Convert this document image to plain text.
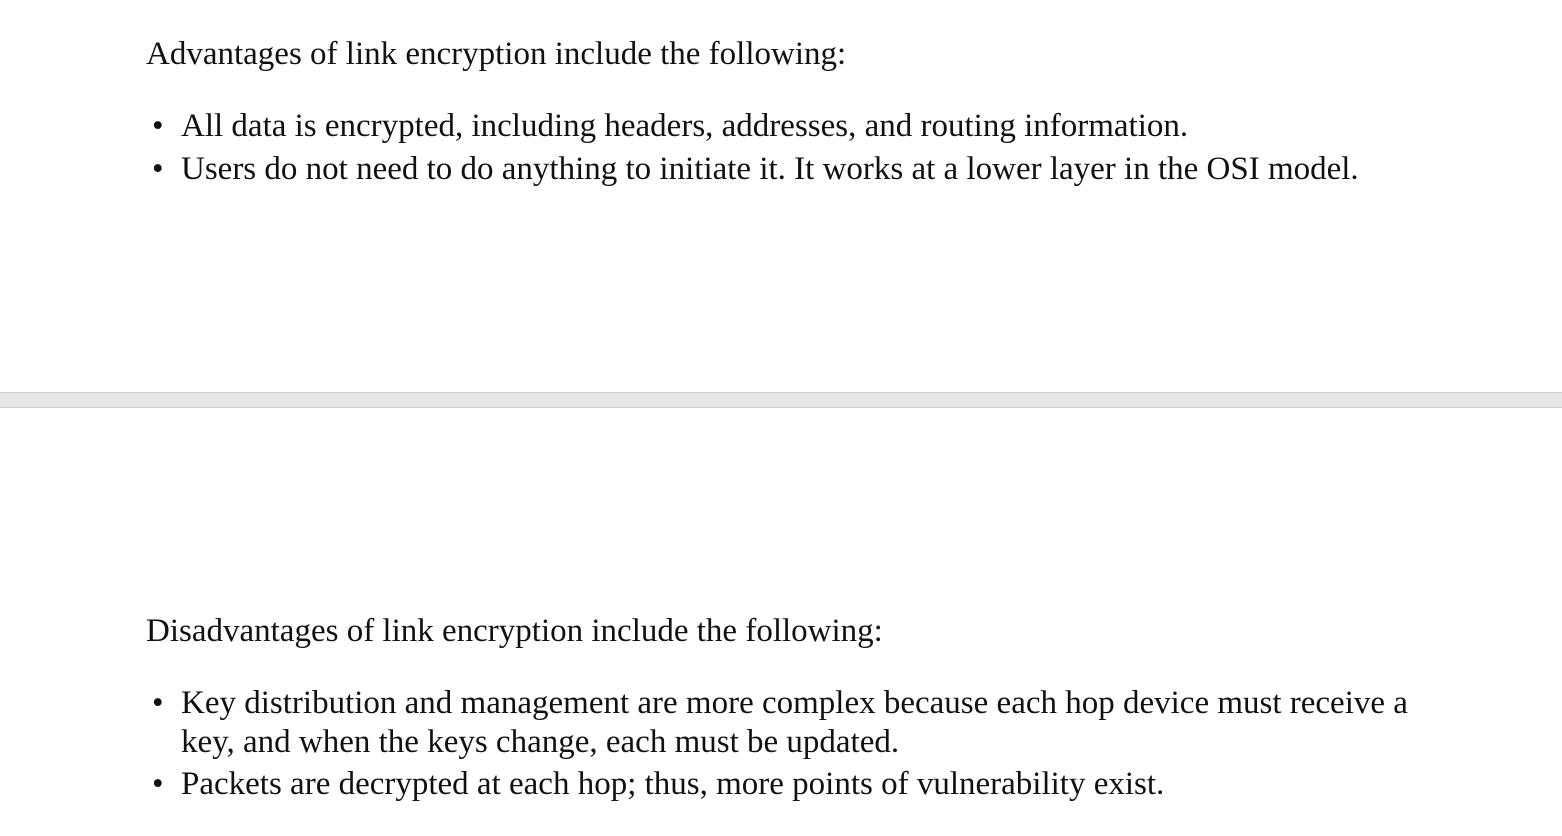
Advantages of link encryption include the following:

• All data is encrypted, including headers, addresses, and routing information.
• Users do not need to do anything to initiate it. It works at a lower layer in the OSI model.

Disadvantages of link encryption include the following:

• Key distribution and management are more complex because each hop device must receive a key, and when the keys change, each must be updated.
• Packets are decrypted at each hop; thus, more points of vulnerability exist.
